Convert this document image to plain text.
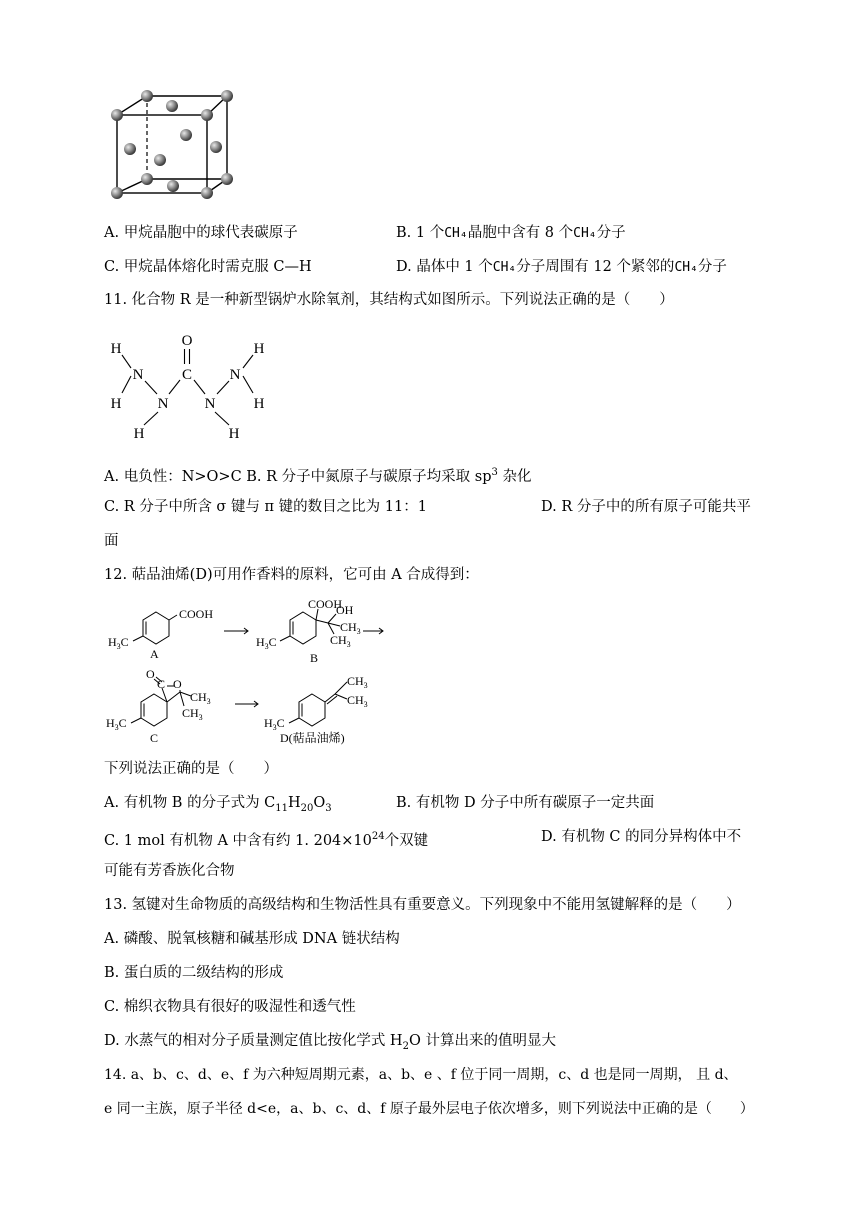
A. 甲烷晶胞中的球代表碳原子	B. 1 个CH₄晶胞中含有 8 个CH₄分子
C. 甲烷晶体熔化时需克服 C—H	D. 晶体中 1 个CH₄分子周围有 12 个紧邻的CH₄分子
11. 化合物 R 是一种新型锅炉水除氧剂，其结构式如图所示。下列说法正确的是（　　）
O
C
H
N
H N
H
N
H
N
H
H
A. 电负性：N>O>C B. R 分子中氮原子与碳原子均采取 $sp^3$ 杂化
C. R 分子中所含 σ 键与 π 键的数目之比为 11：1	D. R 分子中的所有原子可能共平
面
12. 萜品油烯(D)可用作香料的原料，它可由 A 合成得到：
COOH
$H_3C$
A
COOH
OH
$CH_3$
$CH_3$
$H_3C$
B
O
C O
$CH_3$
$CH_3$
$H_3C$
C
$CH_3$
$CH_3$
$H_3C$
D(萜品油烯)
下列说法正确的是（　　）
A. 有机物 B 的分子式为 $C_{11}H_{20}O_3$	B. 有机物 D 分子中所有碳原子一定共面
C. 1 mol 有机物 A 中含有约 1. $204\times 10^{24}$个双键	D. 有机物 C 的同分异构体中不
可能有芳香族化合物
13. 氢键对生命物质的高级结构和生物活性具有重要意义。下列现象中不能用氢键解释的是（　　）
A. 磷酸、脱氧核糖和碱基形成 DNA 链状结构
B. 蛋白质的二级结构的形成
C. 棉织衣物具有很好的吸湿性和透气性
D. 水蒸气的相对分子质量测定值比按化学式 $H_2O$ 计算出来的值明显大
14. a、b、c、d、e、f 为六种短周期元素，a、b、e 、f 位于同一周期，c、d 也是同一周期， 且 d、
e 同一主族，原子半径 d<e，a、b、c、d、f 原子最外层电子依次增多，则下列说法中正确的是（　　）
